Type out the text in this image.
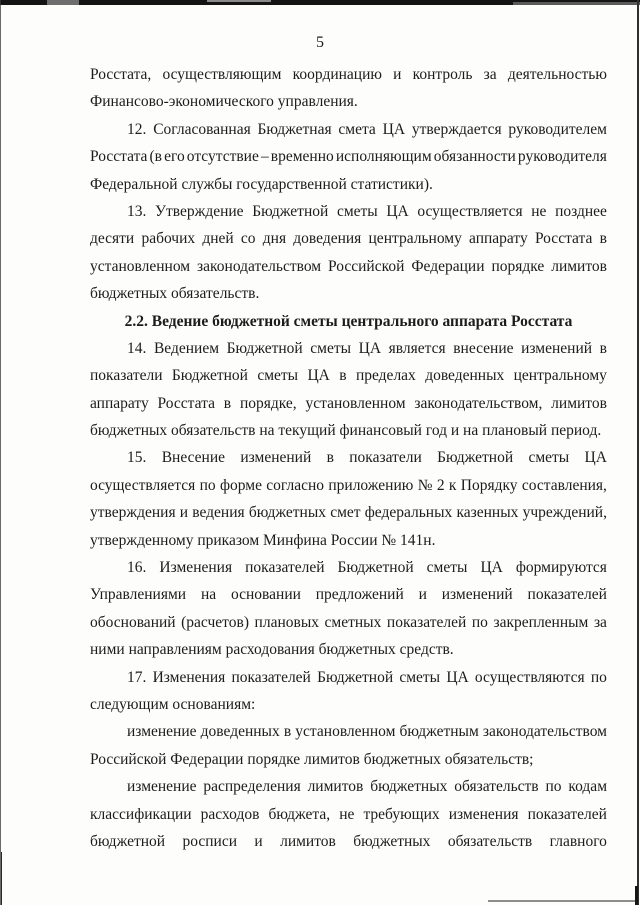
5
Росстата, осуществляющим координацию и контроль за деятельностью
Финансово-экономического управления.
12. Согласованная Бюджетная смета ЦА утверждается руководителем
Росстата (в его отсутствие – временно исполняющим обязанности руководителя
Федеральной службы государственной статистики).
13. Утверждение Бюджетной сметы ЦА осуществляется не позднее
десяти рабочих дней со дня доведения центральному аппарату Росстата в
установленном законодательством Российской Федерации порядке лимитов
бюджетных обязательств.
2.2. Ведение бюджетной сметы центрального аппарата Росстата
14. Ведением Бюджетной сметы ЦА является внесение изменений в
показатели Бюджетной сметы ЦА в пределах доведенных центральному
аппарату Росстата в порядке, установленном законодательством, лимитов
бюджетных обязательств на текущий финансовый год и на плановый период.
15. Внесение изменений в показатели Бюджетной сметы ЦА
осуществляется по форме согласно приложению № 2 к Порядку составления,
утверждения и ведения бюджетных смет федеральных казенных учреждений,
утвержденному приказом Минфина России № 141н.
16. Изменения показателей Бюджетной сметы ЦА формируются
Управлениями на основании предложений и изменений показателей
обоснований (расчетов) плановых сметных показателей по закрепленным за
ними направлениям расходования бюджетных средств.
17. Изменения показателей Бюджетной сметы ЦА осуществляются по
следующим основаниям:
изменение доведенных в установленном бюджетным законодательством
Российской Федерации порядке лимитов бюджетных обязательств;
изменение распределения лимитов бюджетных обязательств по кодам
классификации расходов бюджета, не требующих изменения показателей
бюджетной росписи и лимитов бюджетных обязательств главного
